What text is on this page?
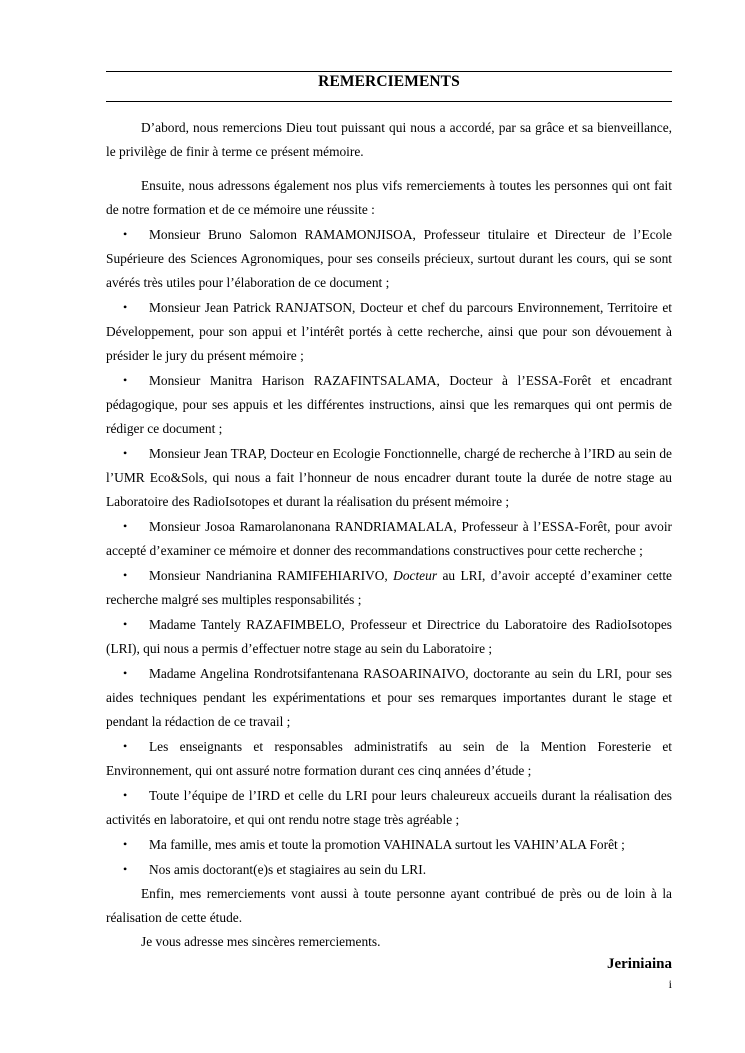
REMERCIEMENTS

D’abord, nous remercions Dieu tout puissant qui nous a accordé, par sa grâce et sa bienveillance, le privilège de finir à terme ce présent mémoire.

Ensuite, nous adressons également nos plus vifs remerciements à toutes les personnes qui ont fait de notre formation et de ce mémoire une réussite :

• Monsieur Bruno Salomon RAMAMONJISOA, Professeur titulaire et Directeur de l’Ecole Supérieure des Sciences Agronomiques, pour ses conseils précieux, surtout durant les cours, qui se sont avérés très utiles pour l’élaboration de ce document ;
• Monsieur Jean Patrick RANJATSON, Docteur et chef du parcours Environnement, Territoire et Développement, pour son appui et l’intérêt portés à cette recherche, ainsi que pour son dévouement à présider le jury du présent mémoire ;
• Monsieur Manitra Harison RAZAFINTSALAMA, Docteur à l’ESSA-Forêt et encadrant pédagogique, pour ses appuis et les différentes instructions, ainsi que les remarques qui ont permis de rédiger ce document ;
• Monsieur Jean TRAP, Docteur en Ecologie Fonctionnelle, chargé de recherche à l’IRD au sein de l’UMR Eco&Sols, qui nous a fait l’honneur de nous encadrer durant toute la durée de notre stage au Laboratoire des RadioIsotopes et durant la réalisation du présent mémoire ;
• Monsieur Josoa Ramarolanonana RANDRIAMALALA, Professeur à l’ESSA-Forêt, pour avoir accepté d’examiner ce mémoire et donner des recommandations constructives pour cette recherche ;
• Monsieur Nandrianina RAMIFEHIARIVO, Docteur au LRI, d’avoir accepté d’examiner cette recherche malgré ses multiples responsabilités ;
• Madame Tantely RAZAFIMBELO, Professeur et Directrice du Laboratoire des RadioIsotopes (LRI), qui nous a permis d’effectuer notre stage au sein du Laboratoire ;
• Madame Angelina Rondrotsifantenana RASOARINAIVO, doctorante au sein du LRI, pour ses aides techniques pendant les expérimentations et pour ses remarques importantes durant le stage et pendant la rédaction de ce travail ;
• Les enseignants et responsables administratifs au sein de la Mention Foresterie et Environnement, qui ont assuré notre formation durant ces cinq années d’étude ;
• Toute l’équipe de l’IRD et celle du LRI pour leurs chaleureux accueils durant la réalisation des activités en laboratoire, et qui ont rendu notre stage très agréable ;
• Ma famille, mes amis et toute la promotion VAHINALA surtout les VAHIN’ALA Forêt ;
• Nos amis doctorant(e)s et stagiaires au sein du LRI.

Enfin, mes remerciements vont aussi à toute personne ayant contribué de près ou de loin à la réalisation de cette étude.

Je vous adresse mes sincères remerciements.

Jeriniaina
i
